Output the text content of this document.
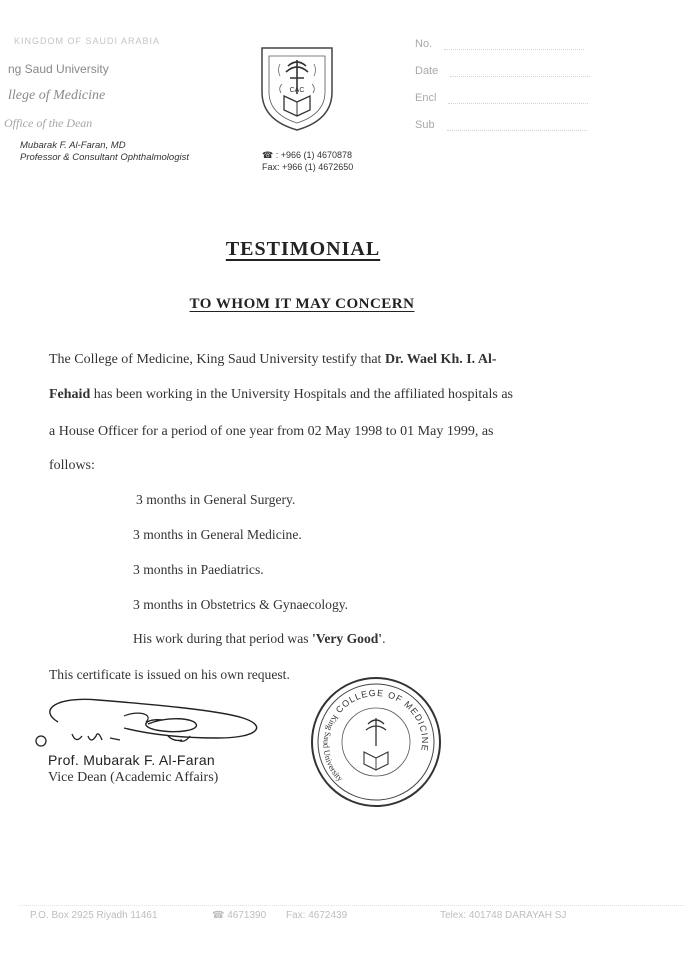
KINGDOM OF SAUDI ARABIA
ng Saud University
llege of Medicine
Office of the Dean
Mubarak F. Al-Faran, MD
Professor & Consultant Ophthalmologist
CAC
☎ : +966 (1) 4670878
Fax: +966 (1) 4672650
No.
Date
Encl
Sub
TESTIMONIAL
TO WHOM IT MAY CONCERN
The College of Medicine, King Saud University testify that Dr. Wael Kh. I. Al-
Fehaid has been working in the University Hospitals and the affiliated hospitals as
a House Officer for a period of one year from 02 May 1998 to 01 May 1999, as
follows:
3 months in General Surgery.
3 months in General Medicine.
3 months in Paediatrics.
3 months in Obstetrics & Gynaecology.
His work during that period was 'Very Good'.
This certificate is issued on his own request.
Prof. Mubarak F. Al-Faran
Vice Dean (Academic Affairs)
COLLEGE OF MEDICINE
King Saud University
P.O. Box 2925 Riyadh 11461	☎ 4671390 Fax: 4672439	Telex: 401748 DARAYAH SJ
